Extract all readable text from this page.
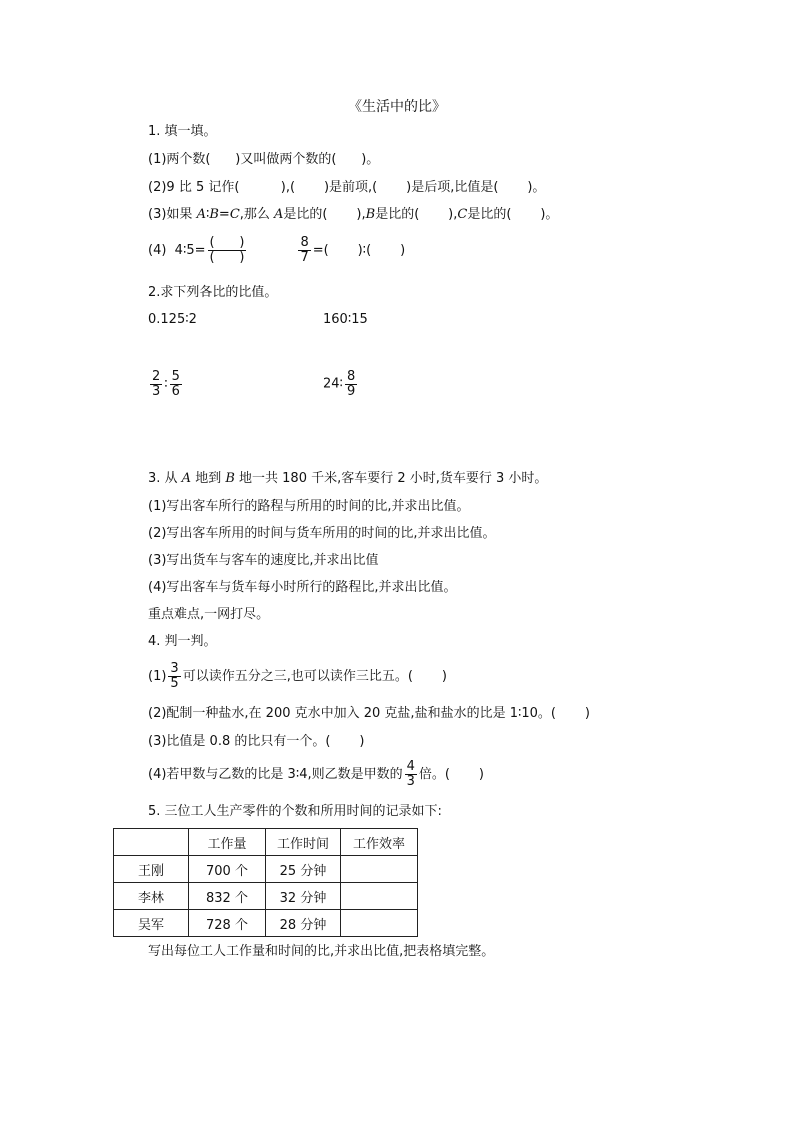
《生活中的比》
1. 填一填。
(1)两个数(      )又叫做两个数的(      )。
(2)9 比 5 记作(          ),(       )是前项,(       )是后项,比值是(       )。
(3)如果 A∶B=C,那么 A是比的(       ),B是比的(       ),C是比的(       )。
(4)  4∶5= $\frac{( )}{( )}$	$\frac{8}{7}$ =(       )∶(       )
2.求下列各比的比值。
0.125∶2	160∶15
$\frac{2}{3}$ ∶ $\frac{5}{6}$	24∶ $\frac{8}{9}$
3. 从 A 地到 B 地一共 180 千米,客车要行 2 小时,货车要行 3 小时。
(1)写出客车所行的路程与所用的时间的比,并求出比值。
(2)写出客车所用的时间与货车所用的时间的比,并求出比值。
(3)写出货车与客车的速度比,并求出比值
(4)写出客车与货车每小时所行的路程比,并求出比值。
重点难点,一网打尽。
4. 判一判。
$(1) \frac{3}{5}$ 可以读作五分之三,也可以读作三比五。(       )
(2)配制一种盐水,在 200 克水中加入 20 克盐,盐和盐水的比是 1∶10。(       )
(3)比值是 0.8 的比只有一个。(       )
(4)若甲数与乙数的比是 3∶4,则乙数是甲数的 $\frac{4}{3}$ 倍。(       )
5. 三位工人生产零件的个数和所用时间的记录如下:
	工作量	工作时间	工作效率
王刚	700 个	25 分钟	
李林	832 个	32 分钟	
吴军	728 个	28 分钟	
写出每位工人工作量和时间的比,并求出比值,把表格填完整。
